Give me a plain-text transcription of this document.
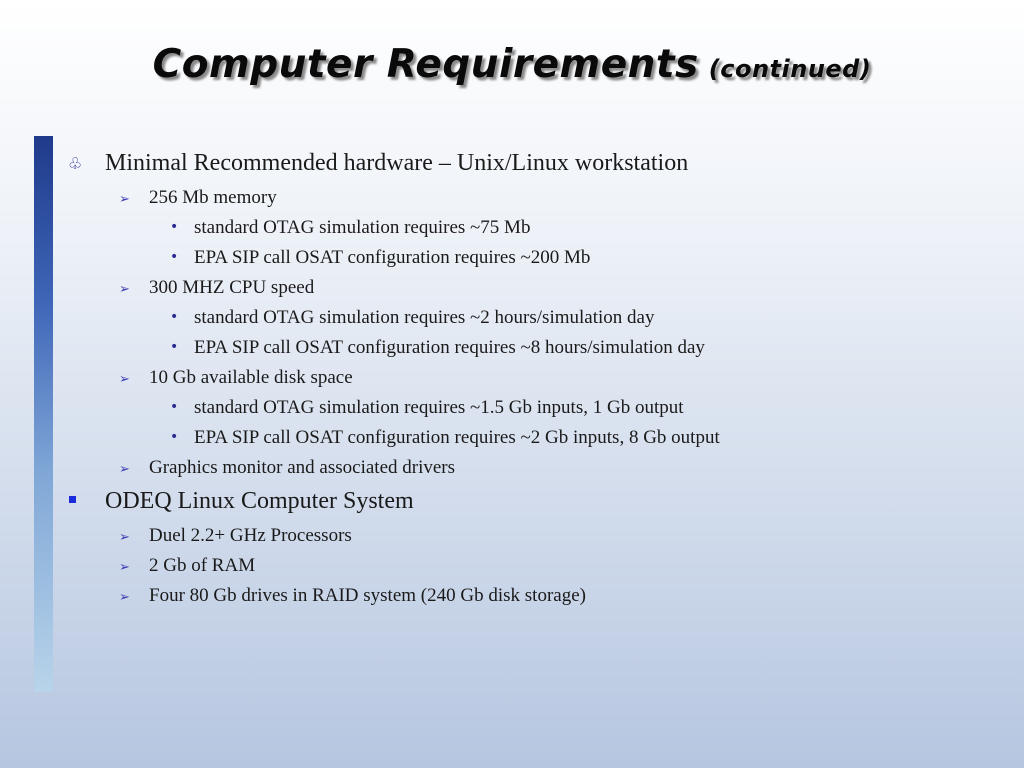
Computer Requirements (continued)
♧ Minimal Recommended hardware – Unix/Linux workstation
➢ 256 Mb memory
• standard OTAG simulation requires ~75 Mb
• EPA SIP call OSAT configuration requires ~200 Mb
➢ 300 MHZ CPU speed
• standard OTAG simulation requires ~2 hours/simulation day
• EPA SIP call OSAT configuration requires ~8 hours/simulation day
➢ 10 Gb available disk space
• standard OTAG simulation requires ~1.5 Gb inputs, 1 Gb output
• EPA SIP call OSAT configuration requires ~2 Gb inputs, 8 Gb output
➢ Graphics monitor and associated drivers
ODEQ Linux Computer System
➢ Duel 2.2+ GHz Processors
➢ 2 Gb of RAM
➢ Four 80 Gb drives in RAID system (240 Gb disk storage)
